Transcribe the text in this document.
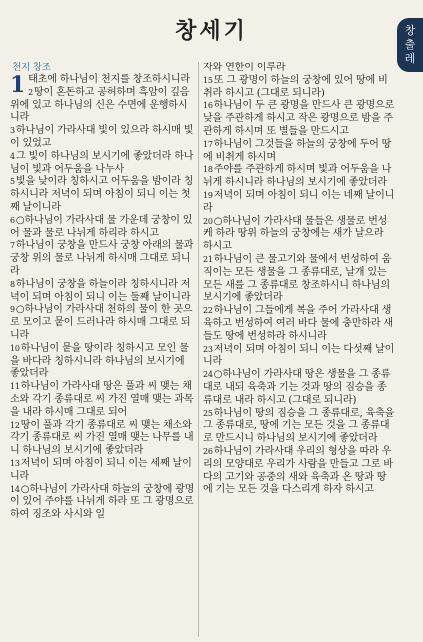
창세기	창
출
레
천지 창조

1 태초에 하나님이 천지를 창조하시니라

2땅이 혼돈하고 공허하며 흑암이 깊음 위에 있고 하나님의 신은 수면에 운행하시니라

3하나님이 가라사대 빛이 있으라 하시매 빛이 있었고

4그 빛이 하나님의 보시기에 좋았더라 하나님이 빛과 어두움을 나누사

5빛을 낮이라 칭하시고 어두움을 밤이라 칭하시니라 저녁이 되며 아침이 되니 이는 첫째 날이니라

6○하나님이 가라사대 물 가운데 궁창이 있어 물과 물로 나뉘게 하리라 하시고

7하나님이 궁창을 만드사 궁창 아래의 물과 궁창 위의 물로 나뉘게 하시매 그대로 되니라

8하나님이 궁창을 하늘이라 칭하시니라 저녁이 되며 아침이 되니 이는 둘째 날이니라

9○하나님이 가라사대 천하의 물이 한 곳으로 모이고 뭍이 드러나라 하시매 그대로 되니라

10하나님이 뭍을 땅이라 칭하시고 모인 물을 바다라 칭하시니라 하나님의 보시기에 좋았더라

11하나님이 가라사대 땅은 풀과 씨 맺는 채소와 각기 종류대로 씨 가진 열매 맺는 과목을 내라 하시매 그대로 되어

12땅이 풀과 각기 종류대로 씨 맺는 채소와 각기 종류대로 씨 가진 열매 맺는 나무를 내니 하나님의 보시기에 좋았더라

13저녁이 되며 아침이 되니 이는 세째 날이니라

14○하나님이 가라사대 하늘의 궁창에 광명이 있어 주야를 나뉘게 하라 또 그 광명으로 하여 징조와 사시와 일

자와 연한이 이루라

15또 그 광명이 하늘의 궁창에 있어 땅에 비취라 하시고 (그대로 되니라)

16하나님이 두 큰 광명을 만드사 큰 광명으로 낮을 주관하게 하시고 작은 광명으로 밤을 주관하게 하시며 또 별들을 만드시고

17하나님이 그것들을 하늘의 궁창에 두어 땅에 비취게 하시며

18주야를 주관하게 하시며 빛과 어두움을 나뉘게 하시니라 하나님의 보시기에 좋았더라

19저녁이 되며 아침이 되니 이는 네째 날이니라

20○하나님이 가라사대 물들은 생물로 번성케 하라 땅위 하늘의 궁창에는 새가 날으라 하시고

21하나님이 큰 물고기와 물에서 번성하여 움직이는 모든 생물을 그 종류대로, 날개 있는 모든 새를 그 종류대로 창조하시니 하나님의 보시기에 좋았더라

22하나님이 그들에게 복을 주어 가라사대 생육하고 번성하여 여러 바다 물에 충만하라 새들도 땅에 번성하라 하시니라

23저녁이 되며 아침이 되니 이는 다섯째 날이니라

24○하나님이 가라사대 땅은 생물을 그 종류대로 내되 육축과 기는 것과 땅의 짐승을 종류대로 내라 하시고 (그대로 되니라)

25하나님이 땅의 짐승을 그 종류대로, 육축을 그 종류대로, 땅에 기는 모든 것을 그 종류대로 만드시니 하나님의 보시기에 좋았더라

26하나님이 가라사대 우리의 형상을 따라 우리의 모양대로 우리가 사람을 만들고 그로 바다의 고기와 공중의 새와 육축과 온 땅과 땅에 기는 모든 것을 다스리게 하자 하시고
